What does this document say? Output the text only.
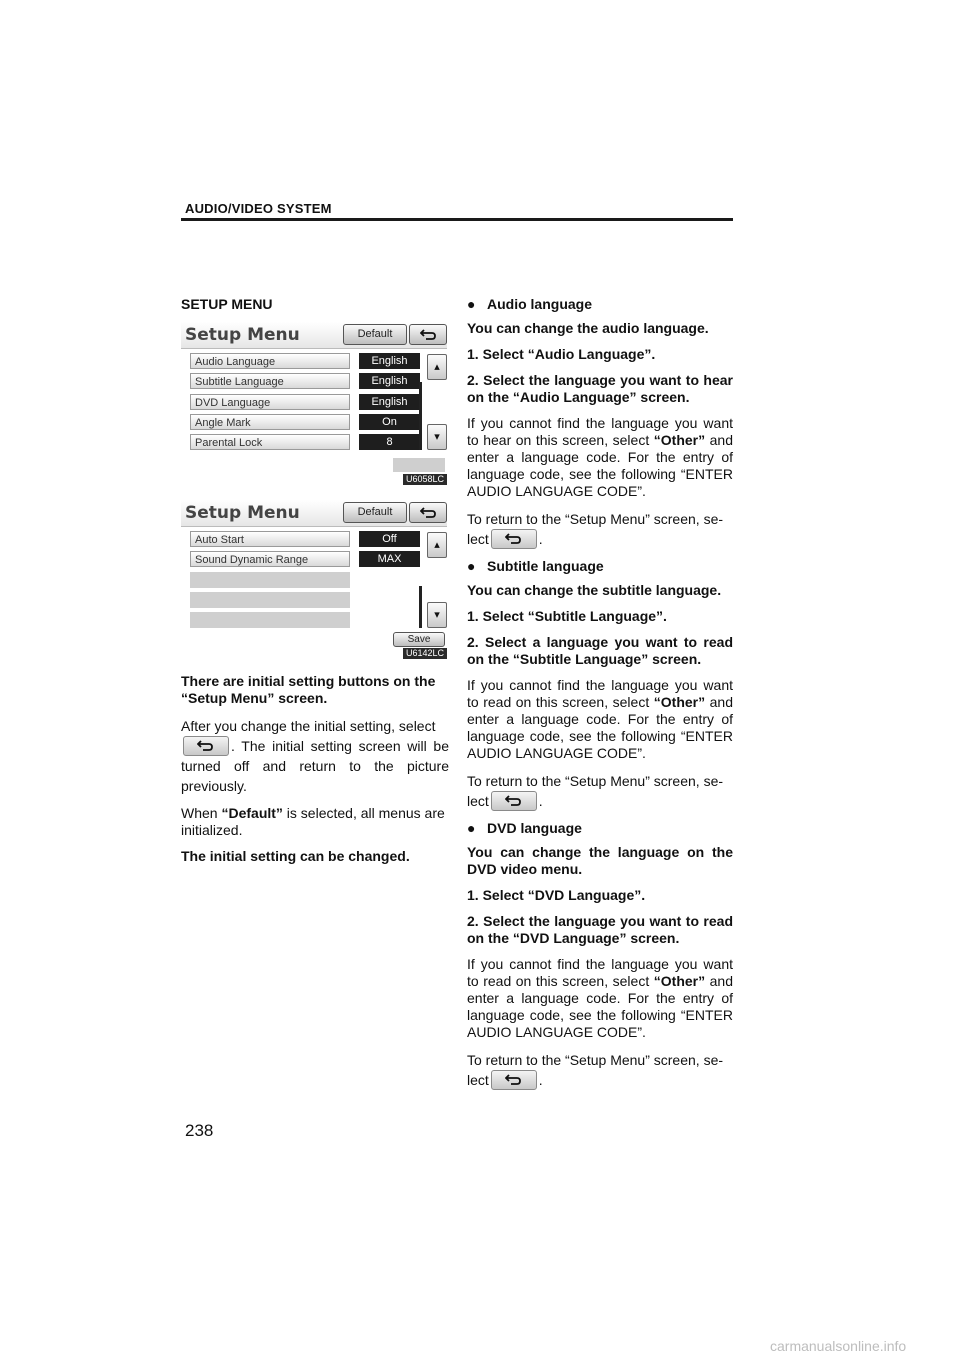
AUDIO/VIDEO SYSTEM
SETUP MENU
Setup Menu	Default
Audio Language	English
Subtitle Language	English
DVD Language	English
Angle Mark	On
Parental Lock	8
▴
▾
U6058LC
Setup Menu	Default
Auto Start	Off
Sound Dynamic Range	MAX
▴
▾
Save
U6142LC

There are initial setting buttons on the “Setup Menu” screen.

After you change the initial setting, select

. The initial setting screen will be turned off and return to the picture previously.

When “Default” is selected, all menus are initialized.

The initial setting can be changed.

● Audio language

You can change the audio language.

1. Select “Audio Language”.

2. Select the language you want to hear on the “Audio Language” screen.

If you cannot find the language you want to hear on this screen, select “Other” and enter a language code. For the entry of language code, see the following “ENTER AUDIO LANGUAGE CODE”.

To return to the “Setup Menu” screen, se-lect	.

● Subtitle language

You can change the subtitle language.

1. Select “Subtitle Language”.

2. Select a language you want to read on the “Subtitle Language” screen.

If you cannot find the language you want to read on this screen, select “Other” and enter a language code. For the entry of language code, see the following “ENTER AUDIO LANGUAGE CODE”.

To return to the “Setup Menu” screen, se-lect	.

● DVD language

You can change the language on the DVD video menu.

1. Select “DVD Language”.

2. Select the language you want to read on the “DVD Language” screen.

If you cannot find the language you want to read on this screen, select “Other” and enter a language code. For the entry of language code, see the following “ENTER AUDIO LANGUAGE CODE”.

To return to the “Setup Menu” screen, se-lect	.

238
carmanualsonline.info
